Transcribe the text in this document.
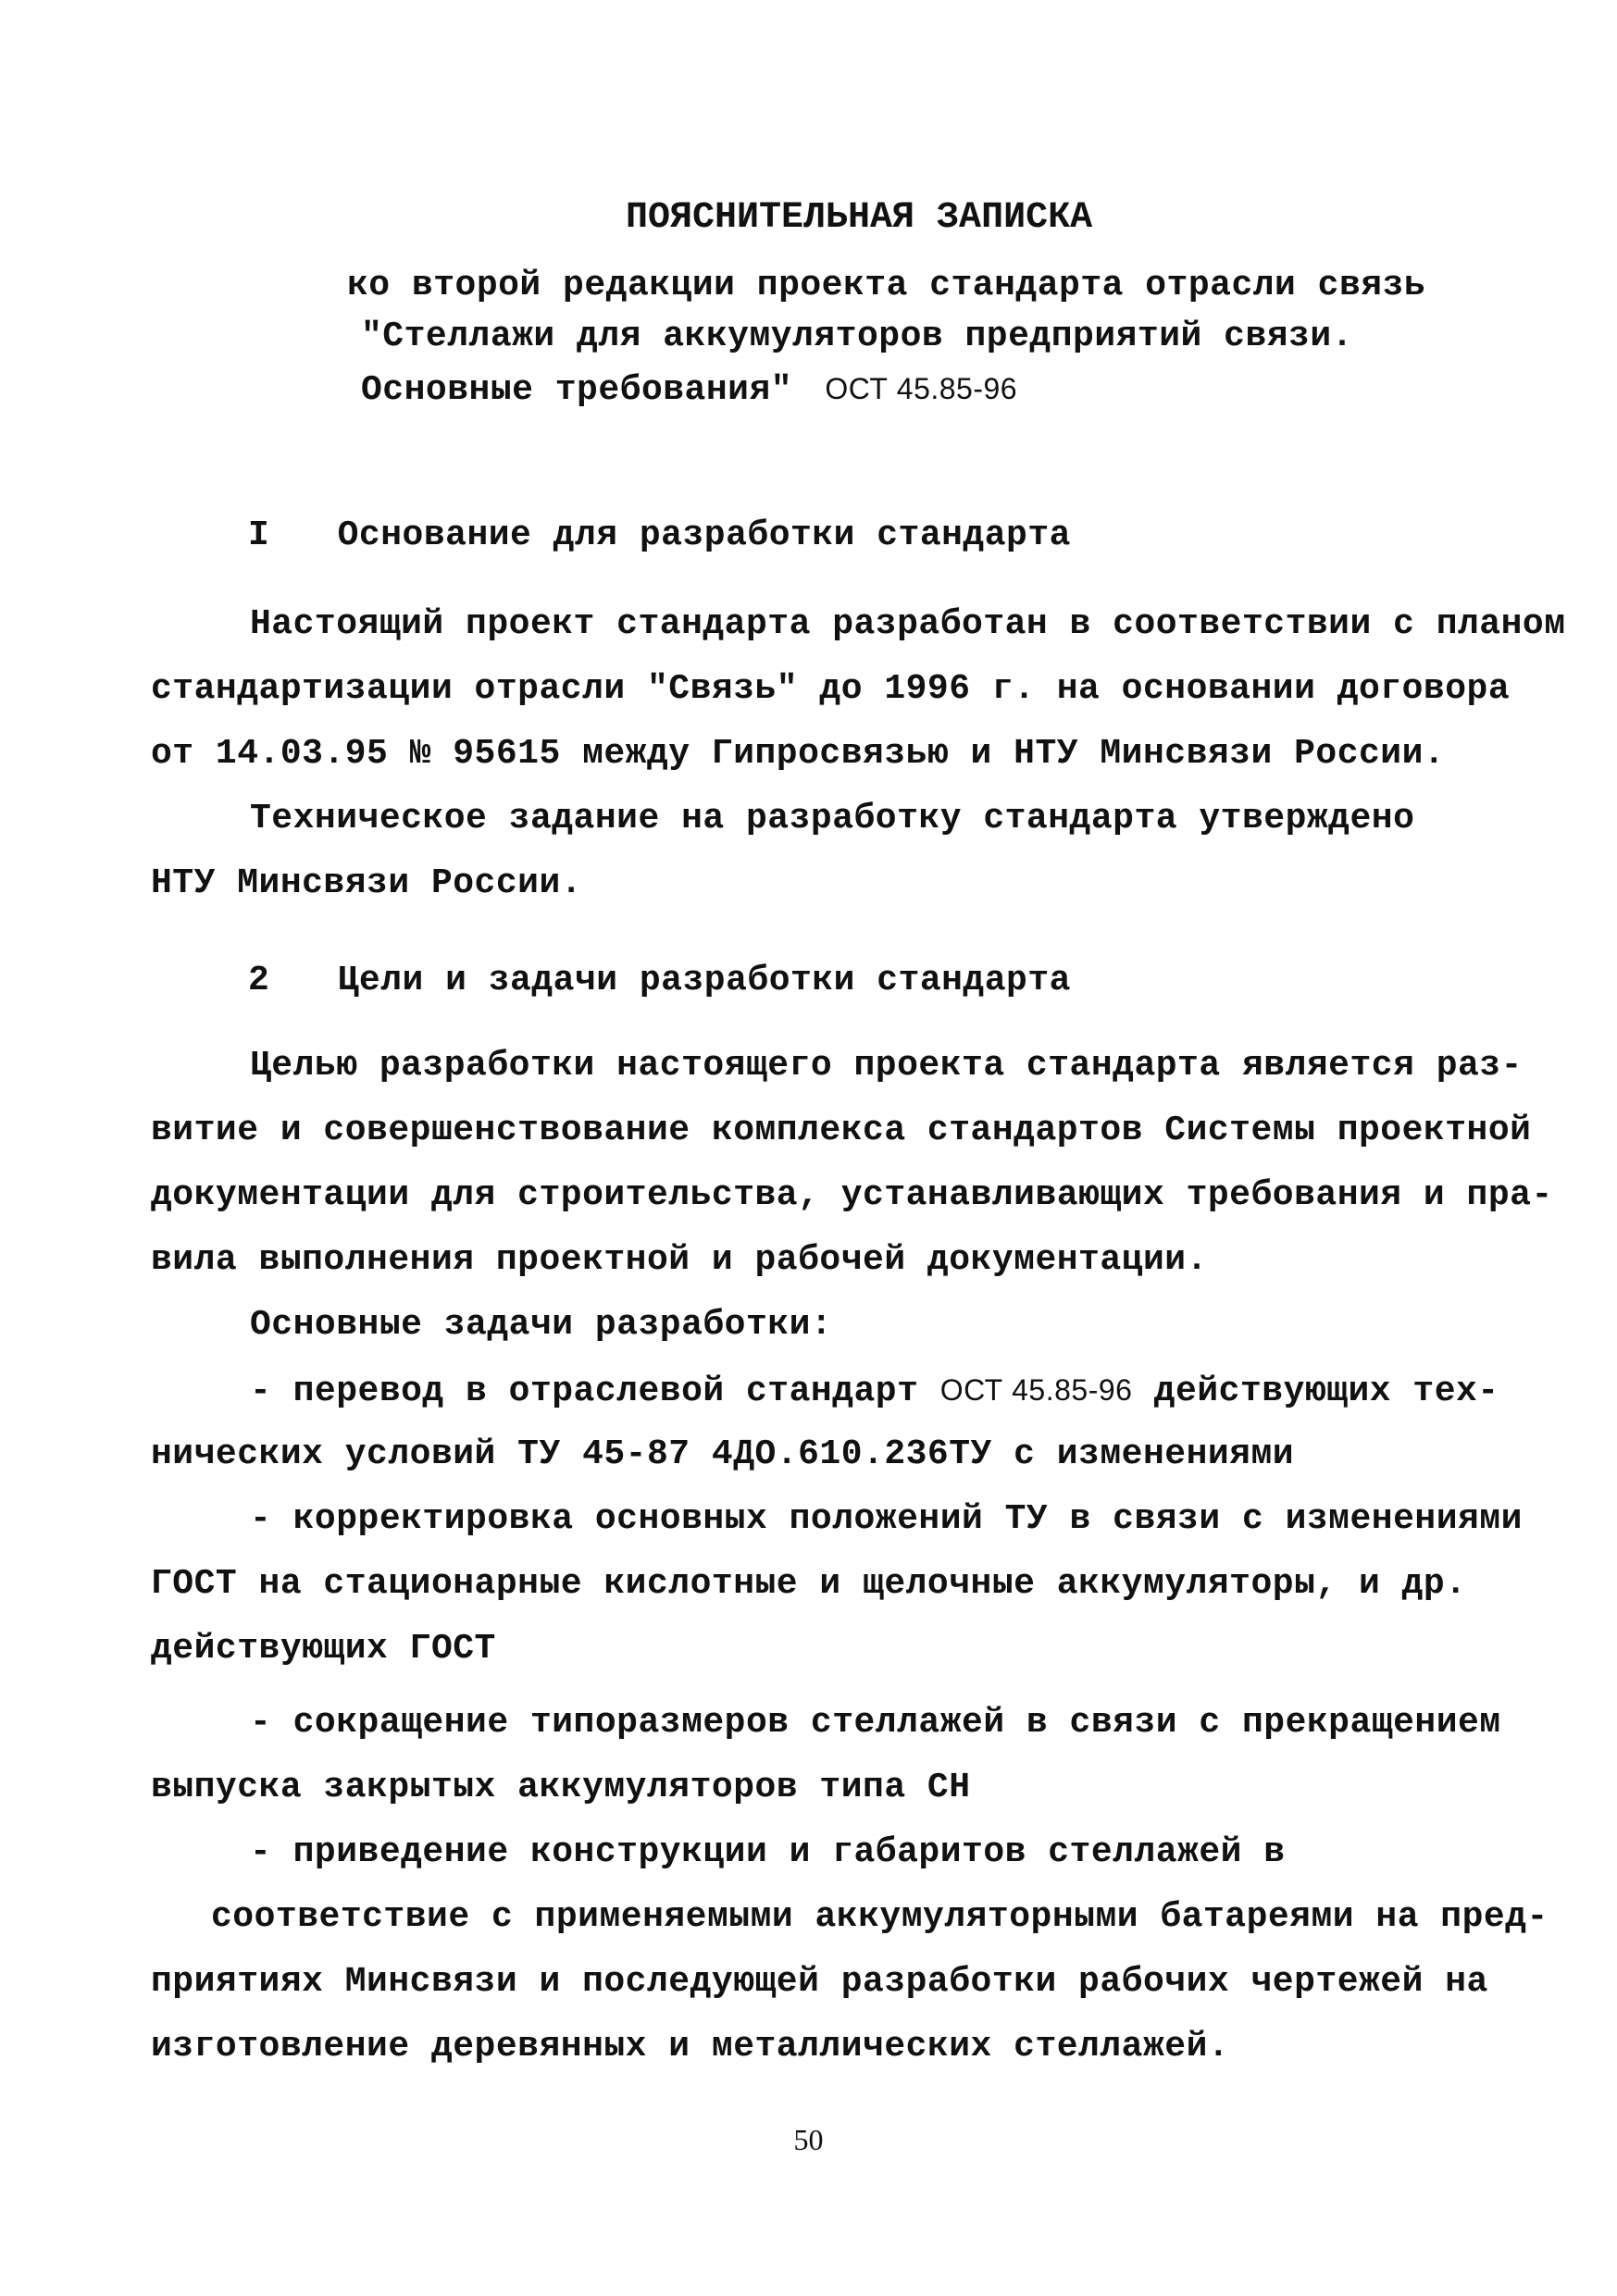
ПОЯСНИТЕЛЬНАЯ ЗАПИСКА
ко второй редакции проекта стандарта отрасли связь
"Стеллажи для аккумуляторов предприятий связи.
Основные требования" ОСТ 45.85-96
I Основание для разработки стандарта
Настоящий проект стандарта разработан в соответствии с планом
стандартизации отрасли "Связь" до 1996 г. на основании договора
от 14.03.95 № 95615 между Гипросвязью и НТУ Минсвязи России.
Техническое задание на разработку стандарта утверждено
НТУ Минсвязи России.
2 Цели и задачи разработки стандарта
Целью разработки настоящего проекта стандарта является раз-
витие и совершенствование комплекса стандартов Системы проектной
документации для строительства, устанавливающих требования и пра-
вила выполнения проектной и рабочей документации.
Основные задачи разработки:
- перевод в отраслевой стандарт ОСТ 45.85-96 действующих тех-
нических условий ТУ 45-87 4ДО.610.236ТУ с изменениями
- корректировка основных положений ТУ в связи с изменениями
ГОСТ на стационарные кислотные и щелочные аккумуляторы, и др.
действующих ГОСТ
- сокращение типоразмеров стеллажей в связи с прекращением
выпуска закрытых аккумуляторов типа СН
- приведение конструкции и габаритов стеллажей в
соответствие с применяемыми аккумуляторными батареями на пред-
приятиях Минсвязи и последующей разработки рабочих чертежей на
изготовление деревянных и металлических стеллажей.
50
